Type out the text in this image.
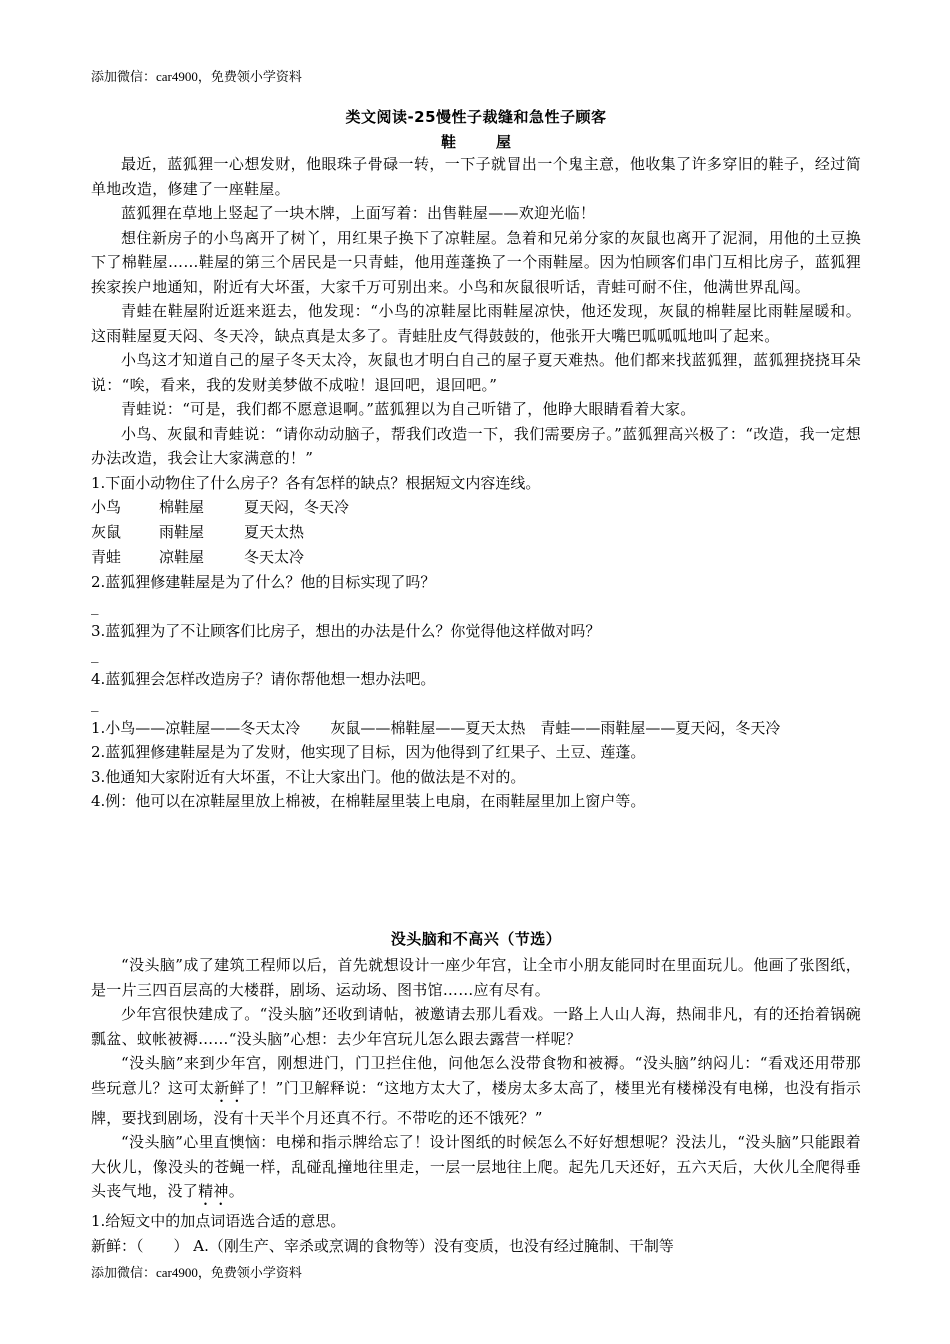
添加微信：car4900，免费领小学资料
类文阅读-25慢性子裁缝和急性子顾客
鞋	屋

最近，蓝狐狸一心想发财，他眼珠子骨碌一转，一下子就冒出一个鬼主意，他收集了许多穿旧的鞋子，经过简单地改造，修建了一座鞋屋。

蓝狐狸在草地上竖起了一块木牌，上面写着：出售鞋屋——欢迎光临！

想住新房子的小鸟离开了树丫，用红果子换下了凉鞋屋。急着和兄弟分家的灰鼠也离开了泥洞，用他的土豆换下了棉鞋屋……鞋屋的第三个居民是一只青蛙，他用莲蓬换了一个雨鞋屋。因为怕顾客们串门互相比房子，蓝狐狸挨家挨户地通知，附近有大坏蛋，大家千万可别出来。小鸟和灰鼠很听话，青蛙可耐不住，他满世界乱闯。

青蛙在鞋屋附近逛来逛去，他发现：“小鸟的凉鞋屋比雨鞋屋凉快，他还发现，灰鼠的棉鞋屋比雨鞋屋暖和。这雨鞋屋夏天闷、冬天冷，缺点真是太多了。青蛙肚皮气得鼓鼓的，他张开大嘴巴呱呱呱地叫了起来。

小鸟这才知道自己的屋子冬天太冷，灰鼠也才明白自己的屋子夏天难热。他们都来找蓝狐狸，蓝狐狸挠挠耳朵说：“唉，看来，我的发财美梦做不成啦！退回吧，退回吧。”

青蛙说：“可是，我们都不愿意退啊。”蓝狐狸以为自己听错了，他睁大眼睛看着大家。

小鸟、灰鼠和青蛙说：“请你动动脑子，帮我们改造一下，我们需要房子。”蓝狐狸高兴极了：“改造，我一定想办法改造，我会让大家满意的！”

1.下面小动物住了什么房子？各有怎样的缺点？根据短文内容连线。

小鸟	棉鞋屋	夏天闷，冬天冷
灰鼠	雨鞋屋	夏天太热
青蛙	凉鞋屋	冬天太冷

2.蓝狐狸修建鞋屋是为了什么？他的目标实现了吗？

_

3.蓝狐狸为了不让顾客们比房子，想出的办法是什么？你觉得他这样做对吗？

_

4.蓝狐狸会怎样改造房子？请你帮他想一想办法吧。

_

1.小鸟——凉鞋屋——冬天太冷　　灰鼠——棉鞋屋——夏天太热　青蛙——雨鞋屋——夏天闷，冬天冷

2.蓝狐狸修建鞋屋是为了发财，他实现了目标，因为他得到了红果子、土豆、莲蓬。

3.他通知大家附近有大坏蛋，不让大家出门。他的做法是不对的。

4.例：他可以在凉鞋屋里放上棉被，在棉鞋屋里装上电扇，在雨鞋屋里加上窗户等。

没头脑和不高兴（节选）

“没头脑”成了建筑工程师以后，首先就想设计一座少年宫，让全市小朋友能同时在里面玩儿。他画了张图纸，是一片三四百层高的大楼群，剧场、运动场、图书馆……应有尽有。

少年宫很快建成了。“没头脑”还收到请帖，被邀请去那儿看戏。一路上人山人海，热闹非凡，有的还抬着锅碗瓢盆、蚊帐被褥……“没头脑”心想：去少年宫玩儿怎么跟去露营一样呢？

“没头脑”来到少年宫，刚想进门，门卫拦住他，问他怎么没带食物和被褥。“没头脑”纳闷儿：“看戏还用带那些玩意儿？这可太新鲜了！”门卫解释说：“这地方太大了，楼房太多太高了，楼里光有楼梯没有电梯，也没有指示牌，要找到剧场，没有十天半个月还真不行。不带吃的还不饿死？”

“没头脑”心里直懊恼：电梯和指示牌给忘了！设计图纸的时候怎么不好好想想呢？没法儿，“没头脑”只能跟着大伙儿，像没头的苍蝇一样，乱碰乱撞地往里走，一层一层地往上爬。起先几天还好，五六天后，大伙儿全爬得垂头丧气地，没了精神。

1.给短文中的加点词语选合适的意思。

新鲜：（　　） A.（刚生产、宰杀或烹调的食物等）没有变质，也没有经过腌制、干制等

添加微信：car4900，免费领小学资料
